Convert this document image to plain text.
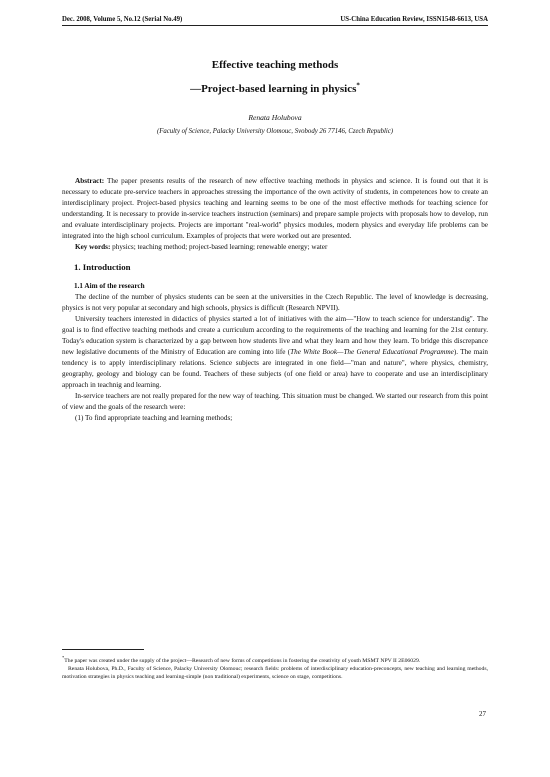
Dec. 2008, Volume 5, No.12 (Serial No.49)	US-China Education Review, ISSN1548-6613, USA

Effective teaching methods

—Project-based learning in physics*

Renata Holubova
(Faculty of Science, Palacky University Olomouc, Svobody 26 77146, Czech Republic)

Abstract: The paper presents results of the research of new effective teaching methods in physics and science. It is found out that it is necessary to educate pre-service teachers in approaches stressing the importance of the own activity of students, in competences how to create an interdisciplinary project. Project-based physics teaching and learning seems to be one of the most effective methods for teaching science for understanding. It is necessary to provide in-service teachers instruction (seminars) and prepare sample projects with proposals how to develop, run and evaluate interdisciplinary projects. Projects are important "real-world" physics modules, modern physics and everyday life problems can be integrated into the high school curriculum. Examples of projects that were worked out are presented.

Key words: physics; teaching method; project-based learning; renewable energy; water

1. Introduction
1.1 Aim of the research

The decline of the number of physics students can be seen at the universities in the Czech Republic. The level of knowledge is decreasing, physics is not very popular at secondary and high schools, physics is difficult (Research NPVII).

University teachers interested in didactics of physics started a lot of initiatives with the aim—"How to teach science for understandig". The goal is to find effective teaching methods and create a curriculum according to the requirements of the teaching and learning for the 21st century. Today's education system is characterized by a gap between how students live and what they learn and how they learn. To bridge this discrepance new legislative documents of the Ministry of Education are coming into life (The White Book—The General Educational Programme). The main tendency is to apply interdisciplinary relations. Science subjects are integrated in one field—"man and nature", where physics, chemistry, geography, geology and biology can be found. Teachers of these subjects (of one field or area) have to cooperate and use an interdisciplinary approach in teachnig and learning.

In-service teachers are not really prepared for the new way of teaching. This situation must be changed. We started our research from this point of view and the goals of the research were:

(1) To find appropriate teaching and learning methods;

*The paper was created under the supply of the project—Research of new forms of competitions in fostering the creativity of youth MSMT NPV II 2E06029.

Renata Holubova, Ph.D., Faculty of Science, Palacky University Olomouc; research fields: problems of interdisciplinary education-preconcepts, new teaching and learning methods, motivation strategies in physics teaching and learning-simple (non traditional) experiments, science on stage, competitions.

27
